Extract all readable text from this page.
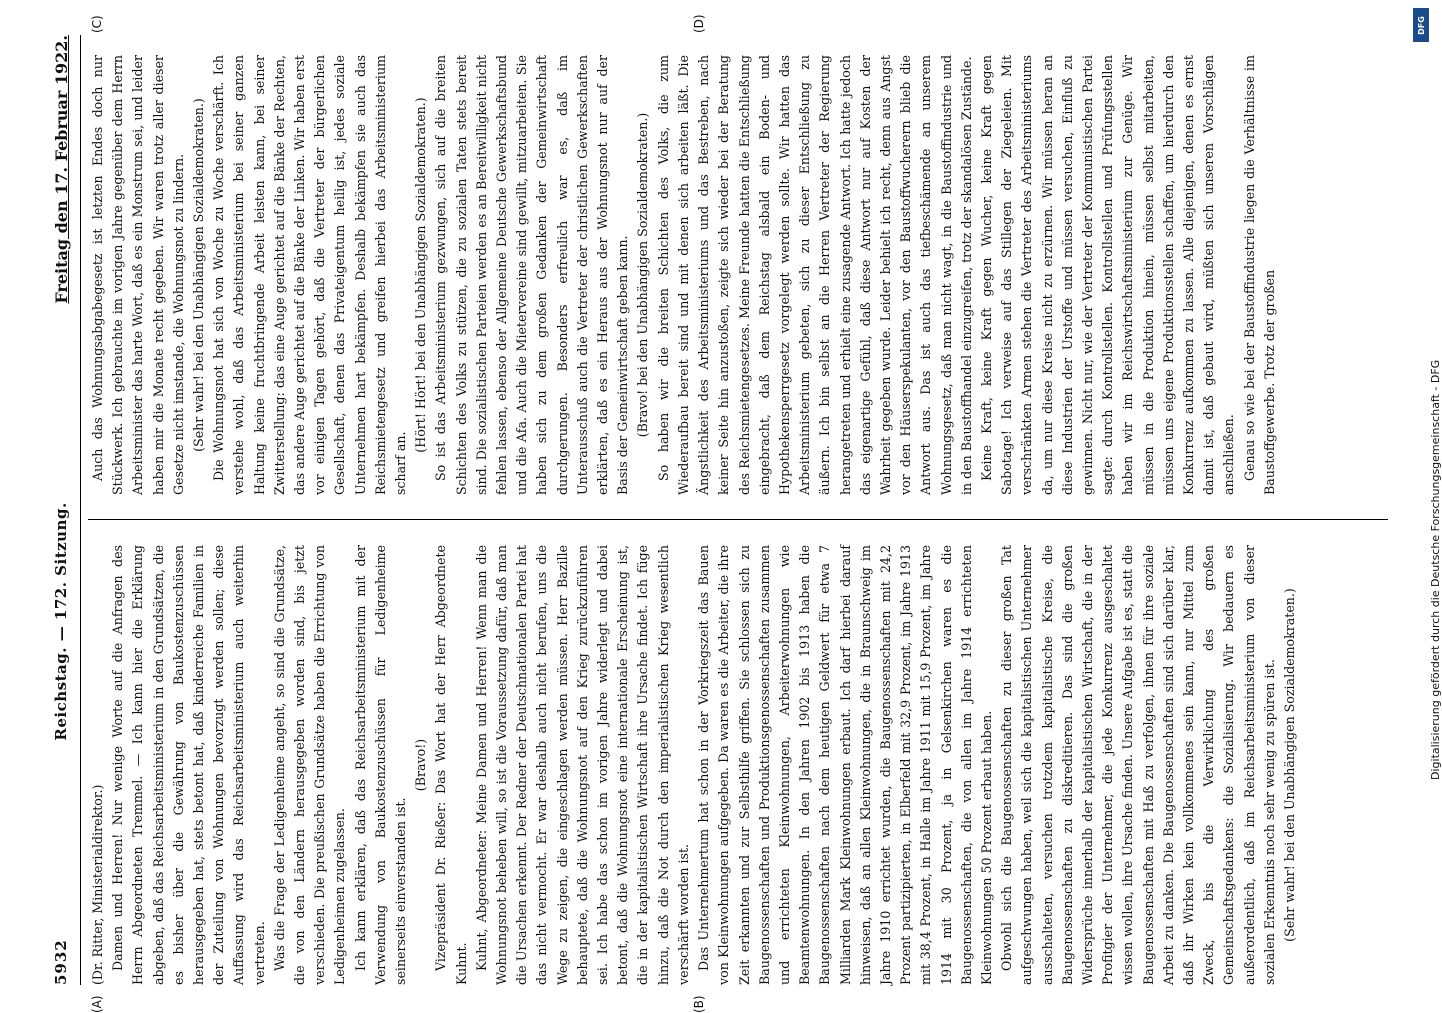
5932
Reichstag. — 172. Sitzung.
Freitag den 17. Februar 1922.

(Dr. Ritter, Ministerialdirektor.) Damen und Herren! Nur wenige Worte auf die Anfragen des Herrn Abgeordneten Tremmel. — Ich kann hier die Erklärung abgeben, daß das Reichsarbeitsministerium in den Grundsätzen, die es bisher über die Gewährung von Baukostenzuschüssen herausgegeben hat, stets betont hat, daß kinderreiche Familien in der Zuteilung von Wohnungen bevorzugt werden sollen; diese Auffassung wird das Reichsarbeitsministerium auch weiterhin vertreten. Was die Frage der Ledigenheime angeht, so sind die Grundsätze, die von den Ländern herausgegeben worden sind, bis jetzt verschieden. Die preußischen Grundsätze haben die Errichtung von Ledigenheimen zugelassen. Ich kann erklären, daß das Reichsarbeitsministerium mit der Verwendung von Baukostenzuschüssen für Ledigenheime seinerseits einverstanden ist.

(Bravo!) Vizepräsident Dr. Rießer: Das Wort hat der Herr Abgeordnete Kuhnt. Kuhnt, Abgeordneter: Meine Damen und Herren! Wenn man die Wohnungsnot beheben will, so ist die Voraussetzung dafür, daß man die Ursachen erkennt. Der Redner der Deutschnationalen Partei hat das nicht vermocht. Er war deshalb auch nicht berufen, uns die Wege zu zeigen, die eingeschlagen werden müssen. Herr Bazille behauptete, daß die Wohnungsnot auf den Krieg zurückzuführen sei. Ich habe das schon im vorigen Jahre widerlegt und dabei betont, daß die Wohnungsnot eine internationale Erscheinung ist, die in der kapitalistischen Wirtschaft ihre Ursache findet. Ich füge hinzu, daß die Not durch den imperialistischen Krieg wesentlich verschärft worden ist. Das Unternehmertum hat schon in der Vorkriegszeit das Bauen von Kleinwohnungen aufgegeben. Da waren es die Arbeiter, die ihre Zeit erkannten und zur Selbsthilfe griffen. Sie schlossen sich zu Baugenossenschaften und Produktionsgenossenschaften zusammen und errichteten Kleinwohnungen, Arbeiterwohnungen wie Beamtenwohnungen. In den Jahren 1902 bis 1913 haben die Baugenossenschaften nach dem heutigen Geldwert für etwa 7 Milliarden Mark Kleinwohnungen erbaut. Ich darf hierbei darauf hinweisen, daß an allen Kleinwohnungen, die in Braunschweig im Jahre 1910 errichtet wurden, die Baugenossenschaften mit 24,2 Prozent partizipierten, in Elberfeld mit 32,9 Prozent, im Jahre 1913 mit 38,4 Prozent, in Halle im Jahre 1911 mit 15,9 Prozent, im Jahre 1914 mit 30 Prozent, ja in Gelsenkirchen waren es die Baugenossenschaften, die von allen im Jahre 1914 errichteten Kleinwohnungen 50 Prozent erbaut haben. Obwohl sich die Baugenossenschaften zu dieser großen Tat aufgeschwungen haben, weil sich die kapitalistischen Unternehmer ausschalteten, versuchen trotzdem kapitalistische Kreise, die Baugenossenschaften zu diskreditieren. Das sind die großen Widersprüche innerhalb der kapitalistischen Wirtschaft, die in der Profitgier der Unternehmer, die jede Konkurrenz ausgeschaltet wissen wollen, ihre Ursache finden. Unsere Aufgabe ist es, statt die Baugenossenschaften mit Haß zu verfolgen, ihnen für ihre soziale Arbeit zu danken. Die Baugenossenschaften sind sich darüber klar, daß ihr Wirken kein vollkommenes sein kann, nur Mittel zum Zweck, bis die Verwirklichung des großen Gemeinschaftsgedankens: die Sozialisierung. Wir bedauern es außerordentlich, daß im Reichsarbeitsministerium von dieser sozialen Erkenntnis noch sehr wenig zu spüren ist. (Sehr wahr! bei den Unabhängigen Sozialdemokraten.)

Auch das Wohnungsabgabegesetz ist letzten Endes doch nur Stückwerk. Ich gebrauchte im vorigen Jahre gegenüber dem Herrn Arbeitsminister das harte Wort, daß es ein Monstrum sei, und leider haben mir die Monate recht gegeben. Wir waren trotz aller dieser Gesetze nicht imstande, die Wohnungsnot zu lindern. (Sehr wahr! bei den Unabhängigen Sozialdemokraten.) Die Wohnungsnot hat sich von Woche zu Woche verschärft. Ich verstehe wohl, daß das Arbeitsministerium bei seiner ganzen Haltung keine fruchtbringende Arbeit leisten kann, bei seiner Zwitterstellung: das eine Auge gerichtet auf die Bänke der Rechten, das andere Auge gerichtet auf die Bänke der Linken. Wir haben erst vor einigen Tagen gehört, daß die Vertreter der bürgerlichen Gesellschaft, denen das Privateigentum heilig ist, jedes soziale Unternehmen hart bekämpfen. Deshalb bekämpfen sie auch das Reichsmietengesetz und greifen hierbei das Arbeitsministerium scharf an.

(Hört! Hört! bei den Unabhängigen Sozialdemokraten.) So ist das Arbeitsministerium gezwungen, sich auf die breiten Schichten des Volks zu stützen, die zu sozialen Taten stets bereit sind. Die sozialistischen Parteien werden es an Bereitwilligkeit nicht fehlen lassen, ebenso der Allgemeine Deutsche Gewerkschaftsbund und die Afa. Auch die Mietervereine sind gewillt, mitzuarbeiten. Sie haben sich zu dem großen Gedanken der Gemeinwirtschaft durchgerungen. Besonders erfreulich war es, daß im Unterausschuß auch die Vertreter der christlichen Gewerkschaften erklärten, daß es ein Heraus aus der Wohnungsnot nur auf der Basis der Gemeinwirtschaft geben kann. (Bravo! bei den Unabhängigen Sozialdemokraten.) So haben wir die breiten Schichten des Volks, die zum Wiederaufbau bereit sind und mit denen sich arbeiten läßt. Die Ängstlichkeit des Arbeitsministeriums und das Bestreben, nach keiner Seite hin anzustoßen, zeigte sich wieder bei der Beratung des Reichsmietengesetzes. Meine Freunde hatten die Entschließung eingebracht, daß dem Reichstag alsbald ein Boden- und Hypothekensperrgesetz vorgelegt werden sollte. Wir hatten das Arbeitsministerium gebeten, sich zu dieser Entschließung zu äußern. Ich bin selbst an die Herren Vertreter der Regierung herangetreten und erhielt eine zusagende Antwort. Ich hatte jedoch das eigenartige Gefühl, daß diese Antwort nur auf Kosten der Wahrheit gegeben wurde. Leider behielt ich recht, denn aus Angst vor den Häuserspekulanten, vor den Baustoffwucherern blieb die Antwort aus. Das ist auch das tiefbeschämende an unserem Wohnungsgesetz, daß man nicht wagt, in die Baustoffindustrie und in den Baustoffhandel einzugreifen, trotz der skandalösen Zustände. Keine Kraft, keine Kraft gegen Wucher, keine Kraft gegen Sabotage! Ich verweise auf das Stillegen der Ziegeleien. Mit verschränkten Armen stehen die Vertreter des Arbeitsministeriums da, um nur diese Kreise nicht zu erzürnen. Wir müssen heran an diese Industrien der Urstoffe und müssen versuchen, Einfluß zu gewinnen. Nicht nur, wie der Vertreter der Kommunistischen Partei sagte: durch Kontrollstellen. Kontrollstellen und Prüfungsstellen haben wir im Reichswirtschaftsministerium zur Genüge. Wir müssen in die Produktion hinein, müssen selbst mitarbeiten, müssen uns eigene Produktionsstellen schaffen, um hierdurch den Konkurrenz aufkommen zu lassen. Alle diejenigen, denen es ernst damit ist, daß gebaut wird, müßten sich unseren Vorschlägen anschließen. Genau so wie bei der Baustoffindustrie liegen die Verhältnisse im Baustoffgewerbe. Trotz der großen

(A)	(B)
(C)	(D)
Digitalisierung gefördert durch die Deutsche Forschungsgemeinschaft - DFG
DFG
